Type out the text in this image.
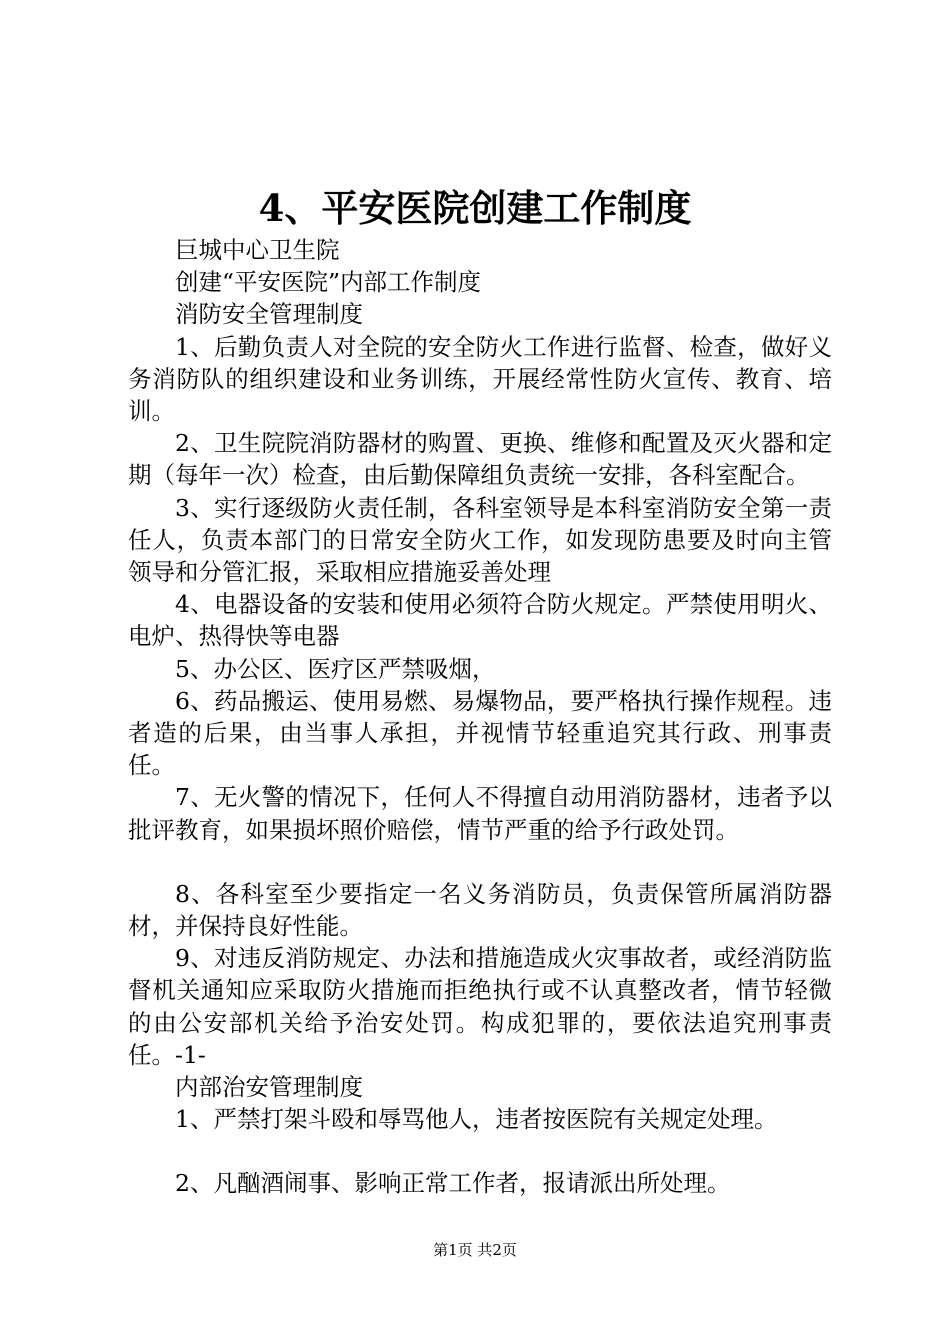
4、平安医院创建工作制度

巨城中心卫生院

创建“平安医院”内部工作制度

消防安全管理制度

1、后勤负责人对全院的安全防火工作进行监督、检查，做好义务消防队的组织建设和业务训练，开展经常性防火宣传、教育、培训。

2、卫生院院消防器材的购置、更换、维修和配置及灭火器和定期（每年一次）检查，由后勤保障组负责统一安排，各科室配合。

3、实行逐级防火责任制，各科室领导是本科室消防安全第一责任人，负责本部门的日常安全防火工作，如发现防患要及时向主管领导和分管汇报，采取相应措施妥善处理

4、电器设备的安装和使用必须符合防火规定。严禁使用明火、电炉、热得快等电器

5、办公区、医疗区严禁吸烟，

6、药品搬运、使用易燃、易爆物品，要严格执行操作规程。违者造的后果，由当事人承担，并视情节轻重追究其行政、刑事责任。

7、无火警的情况下，任何人不得擅自动用消防器材，违者予以批评教育，如果损坏照价赔偿，情节严重的给予行政处罚。

8、各科室至少要指定一名义务消防员，负责保管所属消防器材，并保持良好性能。

9、对违反消防规定、办法和措施造成火灾事故者，或经消防监督机关通知应采取防火措施而拒绝执行或不认真整改者，情节轻微的由公安部机关给予治安处罚。构成犯罪的，要依法追究刑事责任。-1-

内部治安管理制度

1、严禁打架斗殴和辱骂他人，违者按医院有关规定处理。

2、凡酗酒闹事、影响正常工作者，报请派出所处理。

第1页 共2页
